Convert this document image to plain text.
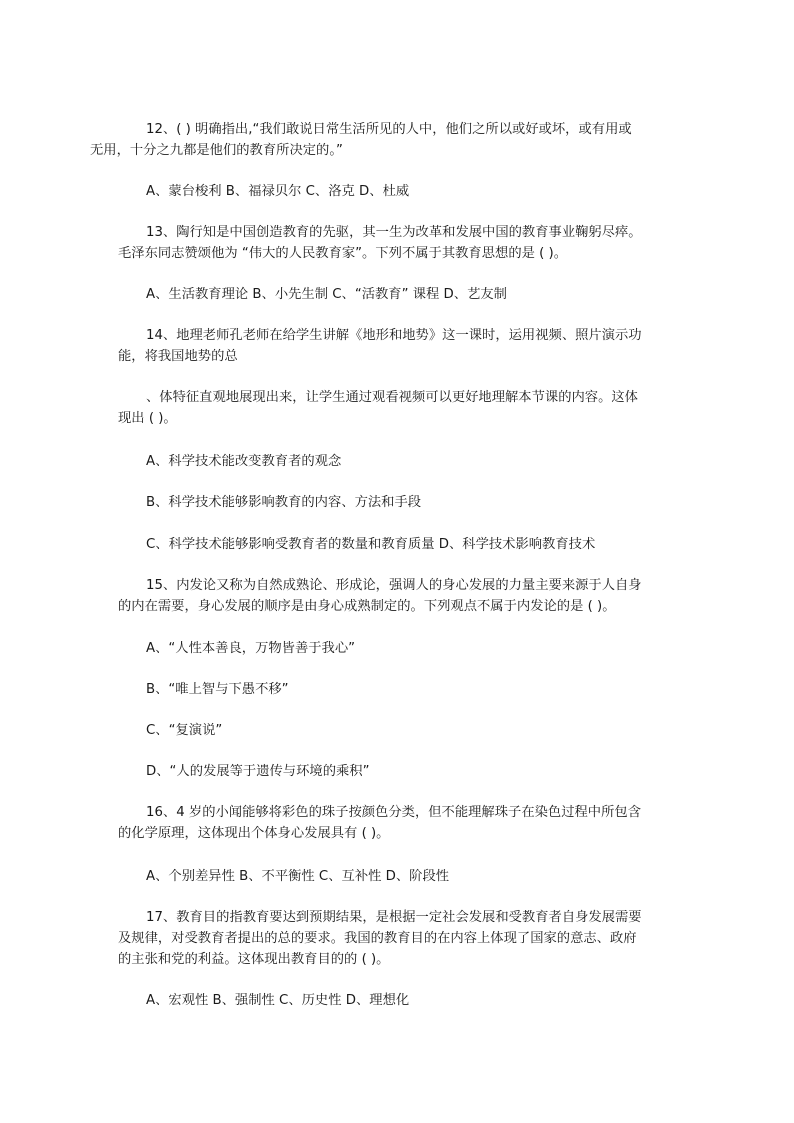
12、( ) 明确指出,“我们敢说日常生活所见的人中，他们之所以或好或坏，或有用或
无用，十分之九都是他们的教育所决定的。”

A、蒙台梭利 B、福禄贝尔 C、洛克 D、杜威

13、陶行知是中国创造教育的先驱，其一生为改革和发展中国的教育事业鞠躬尽瘁。
毛泽东同志赞颂他为 “伟大的人民教育家”。下列不属于其教育思想的是 ( )。

A、生活教育理论 B、小先生制 C、“活教育” 课程 D、艺友制

14、地理老师孔老师在给学生讲解《地形和地势》这一课时，运用视频、照片演示功
能，将我国地势的总
、体特征直观地展现出来，让学生通过观看视频可以更好地理解本节课的内容。这体
现出 ( )。

A、科学技术能改变教育者的观念

B、科学技术能够影响教育的内容、方法和手段

C、科学技术能够影响受教育者的数量和教育质量 D、科学技术影响教育技术

15、内发论又称为自然成熟论、形成论，强调人的身心发展的力量主要来源于人自身
的内在需要，身心发展的顺序是由身心成熟制定的。下列观点不属于内发论的是 ( )。

A、“人性本善良，万物皆善于我心”

B、“唯上智与下愚不移”

C、“复演说”

D、“人的发展等于遗传与环境的乘积”

16、4 岁的小闻能够将彩色的珠子按颜色分类，但不能理解珠子在染色过程中所包含
的化学原理，这体现出个体身心发展具有 ( )。

A、个别差异性 B、不平衡性 C、互补性 D、阶段性

17、教育目的指教育要达到预期结果，是根据一定社会发展和受教育者自身发展需要
及规律，对受教育者提出的总的要求。我国的教育目的在内容上体现了国家的意志、政府
的主张和党的利益。这体现出教育目的的 ( )。

A、宏观性 B、强制性 C、历史性 D、理想化
